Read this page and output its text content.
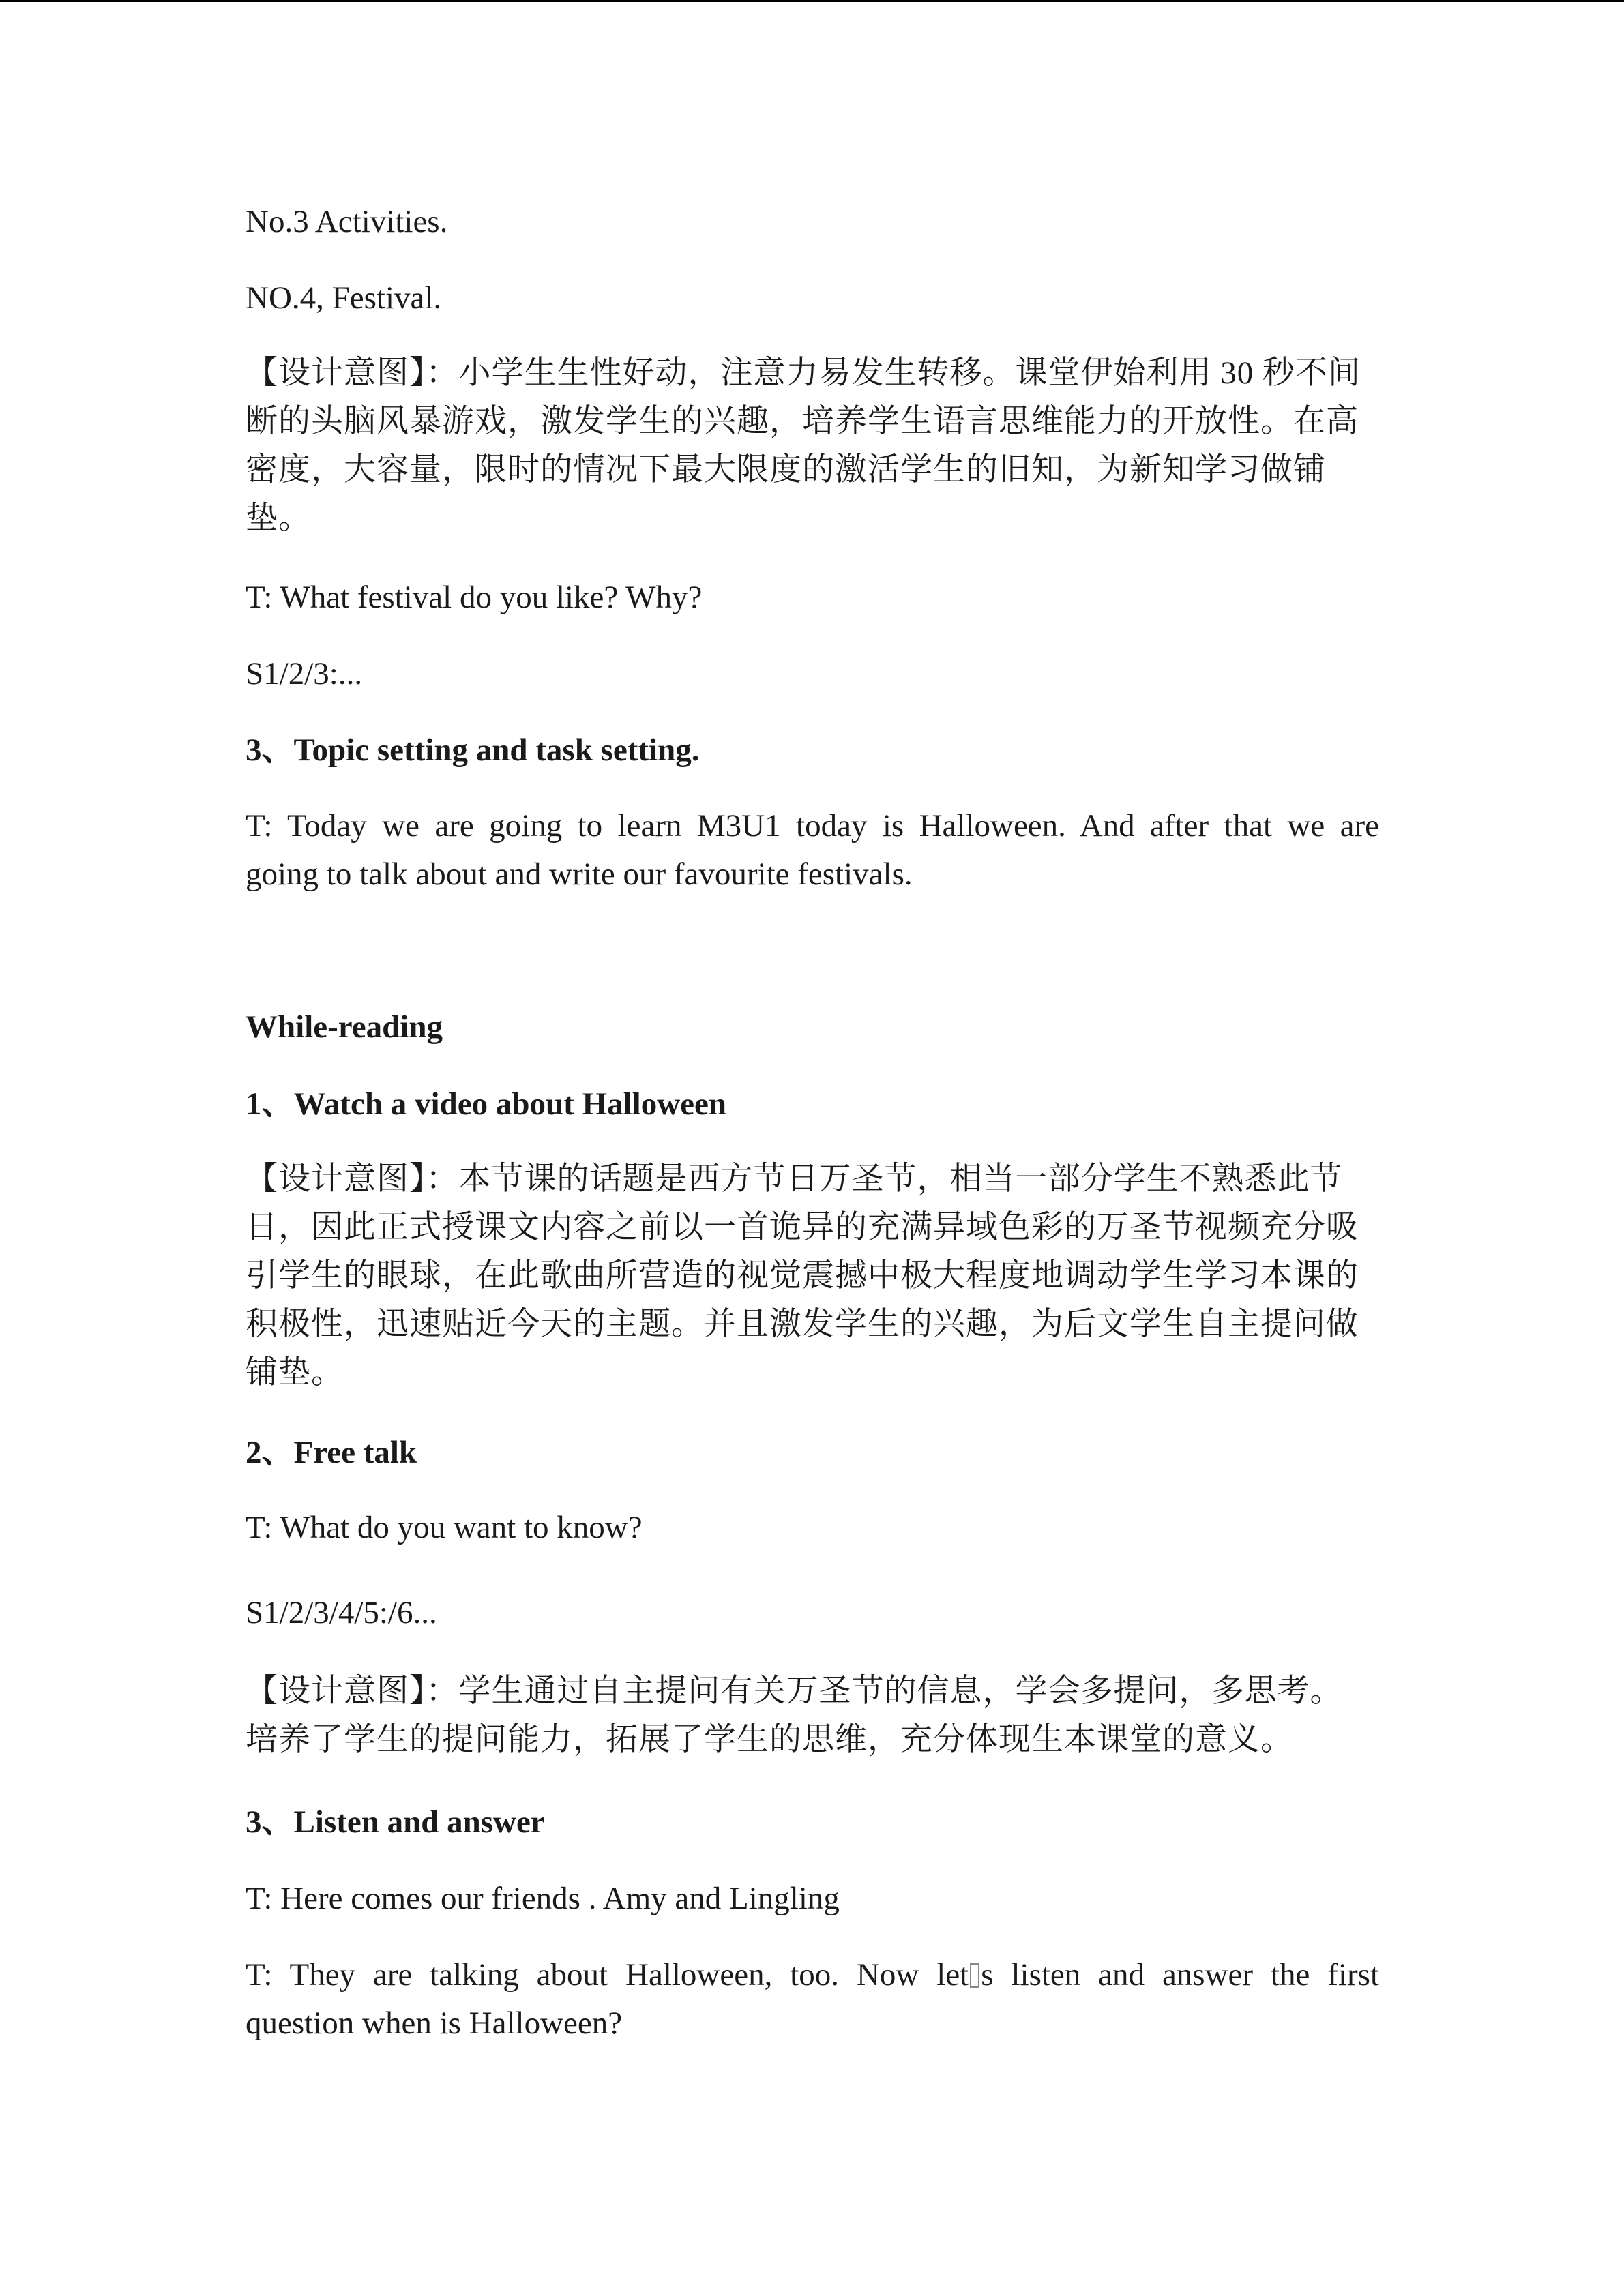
No.3 Activities.

NO.4, Festival.

【设计意图】：小学生生性好动，注意力易发生转移。课堂伊始利用 30 秒不间
断的头脑风暴游戏，激发学生的兴趣，培养学生语言思维能力的开放性。在高
密度，大容量，限时的情况下最大限度的激活学生的旧知，为新知学习做铺
垫。

T: What festival do you like? Why?

S1/2/3:...

3、Topic setting and task setting.

T: Today we are going to learn M3U1 today is Halloween. And after that we are
going to talk about and write our favourite festivals.

While-reading

1、Watch a video about Halloween

【设计意图】：本节课的话题是西方节日万圣节，相当一部分学生不熟悉此节
日，因此正式授课文内容之前以一首诡异的充满异域色彩的万圣节视频充分吸
引学生的眼球，在此歌曲所营造的视觉震撼中极大程度地调动学生学习本课的
积极性，迅速贴近今天的主题。并且激发学生的兴趣，为后文学生自主提问做
铺垫。

2、Free talk

T: What do you want to know?

S1/2/3/4/5:/6...

【设计意图】：学生通过自主提问有关万圣节的信息，学会多提问，多思考。
培养了学生的提问能力，拓展了学生的思维，充分体现生本课堂的意义。

3、Listen and answer

T: Here comes our friends . Amy and Lingling

T: They are talking about Halloween, too. Now let s listen and answer the first
question when is Halloween?
